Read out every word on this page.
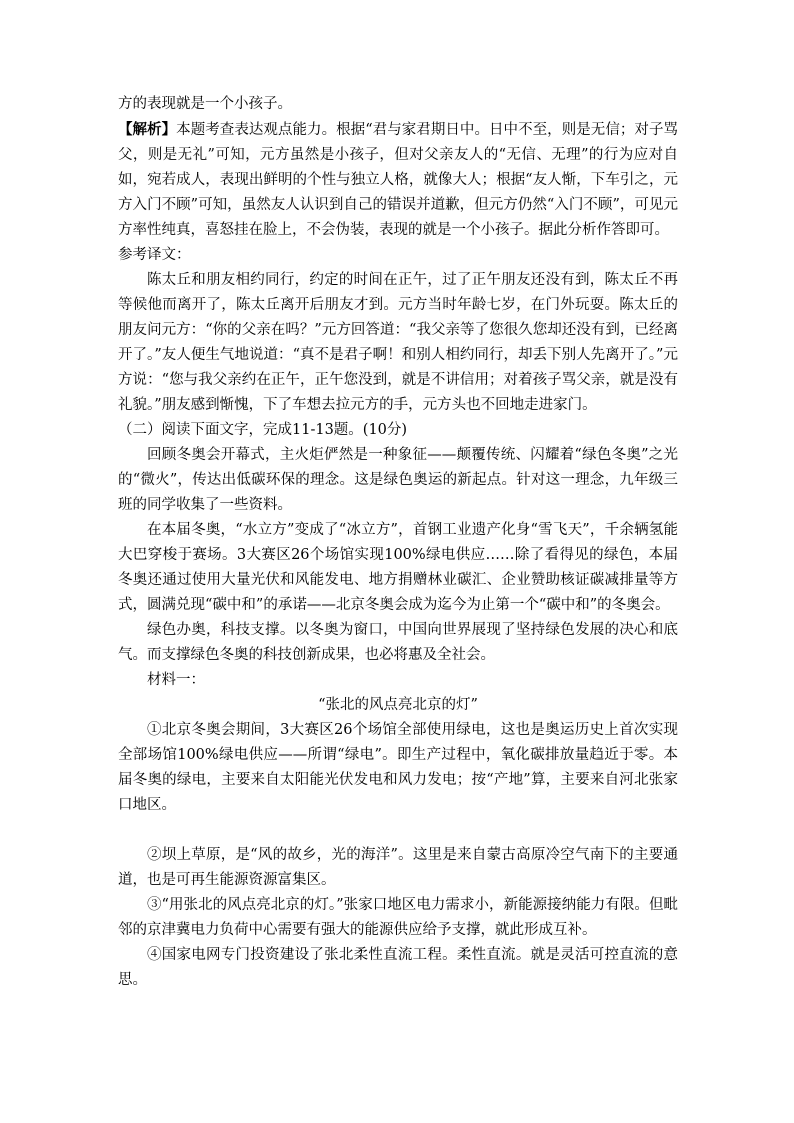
方的表现就是一个小孩子。

【解析】本题考查表达观点能力。根据“君与家君期日中。日中不至，则是无信；对子骂父，则是无礼”可知，元方虽然是小孩子，但对父亲友人的“无信、无理”的行为应对自如，宛若成人，表现出鲜明的个性与独立人格，就像大人；根据“友人惭，下车引之，元方入门不顾”可知，虽然友人认识到自己的错误并道歉，但元方仍然“入门不顾”，可见元方率性纯真，喜怒挂在脸上，不会伪装，表现的就是一个小孩子。据此分析作答即可。

参考译文：

陈太丘和朋友相约同行，约定的时间在正午，过了正午朋友还没有到，陈太丘不再等候他而离开了，陈太丘离开后朋友才到。元方当时年龄七岁，在门外玩耍。陈太丘的朋友问元方：“你的父亲在吗？”元方回答道：“我父亲等了您很久您却还没有到，已经离开了。”友人便生气地说道：“真不是君子啊！和别人相约同行，却丢下别人先离开了。”元方说：“您与我父亲约在正午，正午您没到，就是不讲信用；对着孩子骂父亲，就是没有礼貌。”朋友感到惭愧，下了车想去拉元方的手，元方头也不回地走进家门。

（二）阅读下面文字，完成11-13题。(10分)

回顾冬奥会开幕式，主火炬俨然是一种象征——颠覆传统、闪耀着“绿色冬奥”之光的“微火”，传达出低碳环保的理念。这是绿色奥运的新起点。针对这一理念，九年级三班的同学收集了一些资料。

在本届冬奥，“水立方”变成了“冰立方”，首钢工业遗产化身“雪飞天”，千余辆氢能大巴穿梭于赛场。3大赛区26个场馆实现100%绿电供应……除了看得见的绿色，本届冬奥还通过使用大量光伏和风能发电、地方捐赠林业碳汇、企业赞助核证碳减排量等方式，圆满兑现“碳中和”的承诺——北京冬奥会成为迄今为止第一个“碳中和”的冬奥会。

绿色办奥，科技支撑。以冬奥为窗口，中国向世界展现了坚持绿色发展的决心和底气。而支撑绿色冬奥的科技创新成果，也必将惠及全社会。

材料一：

“张北的风点亮北京的灯”

①北京冬奥会期间，3大赛区26个场馆全部使用绿电，这也是奥运历史上首次实现全部场馆100%绿电供应——所谓“绿电”。即生产过程中，氧化碳排放量趋近于零。本届冬奥的绿电，主要来自太阳能光伏发电和风力发电；按“产地”算，主要来自河北张家口地区。

②坝上草原，是“风的故乡，光的海洋”。这里是来自蒙古高原冷空气南下的主要通道，也是可再生能源资源富集区。

③“用张北的风点亮北京的灯。”张家口地区电力需求小，新能源接纳能力有限。但毗邻的京津冀电力负荷中心需要有强大的能源供应给予支撑，就此形成互补。

④国家电网专门投资建设了张北柔性直流工程。柔性直流。就是灵活可控直流的意思。
